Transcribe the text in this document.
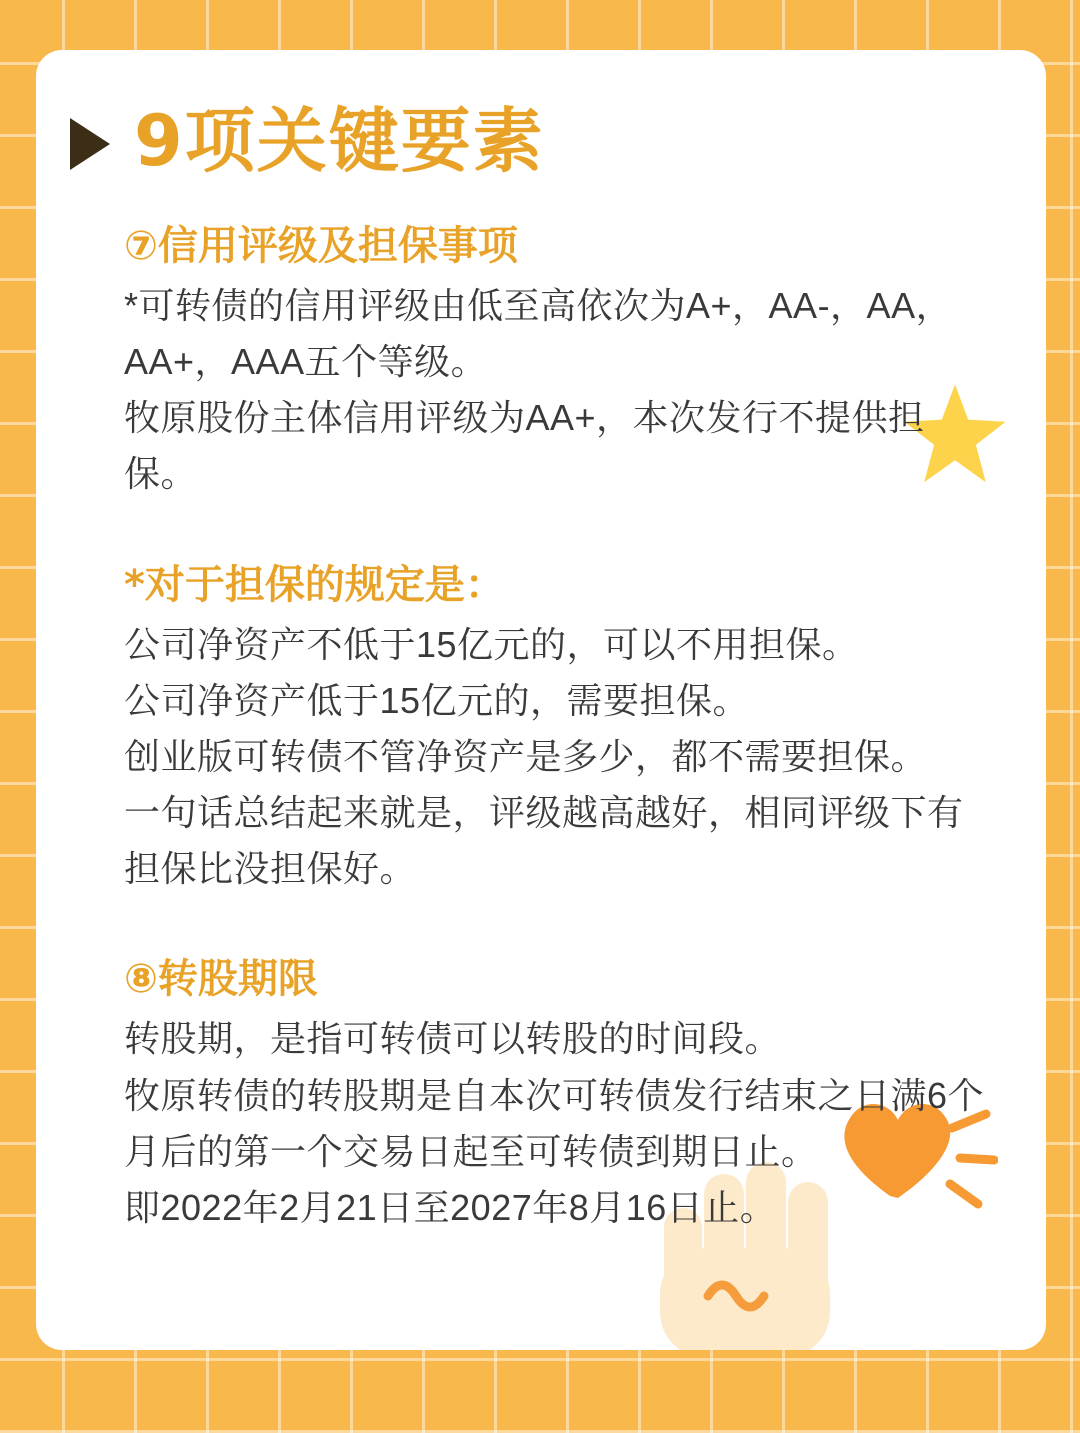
9项关键要素
⑦信用评级及担保事项

*可转债的信用评级由低至高依次为A+，AA-，AA，AA+，AAA五个等级。

牧原股份主体信用评级为AA+，本次发行不提供担保。

*对于担保的规定是：

公司净资产不低于15亿元的，可以不用担保。

公司净资产低于15亿元的，需要担保。

创业版可转债不管净资产是多少，都不需要担保。

一句话总结起来就是，评级越高越好，相同评级下有担保比没担保好。

⑧转股期限

转股期，是指可转债可以转股的时间段。

牧原转债的转股期是自本次可转债发行结束之日满6个月后的第一个交易日起至可转债到期日止。

即2022年2月21日至2027年8月16日止。
